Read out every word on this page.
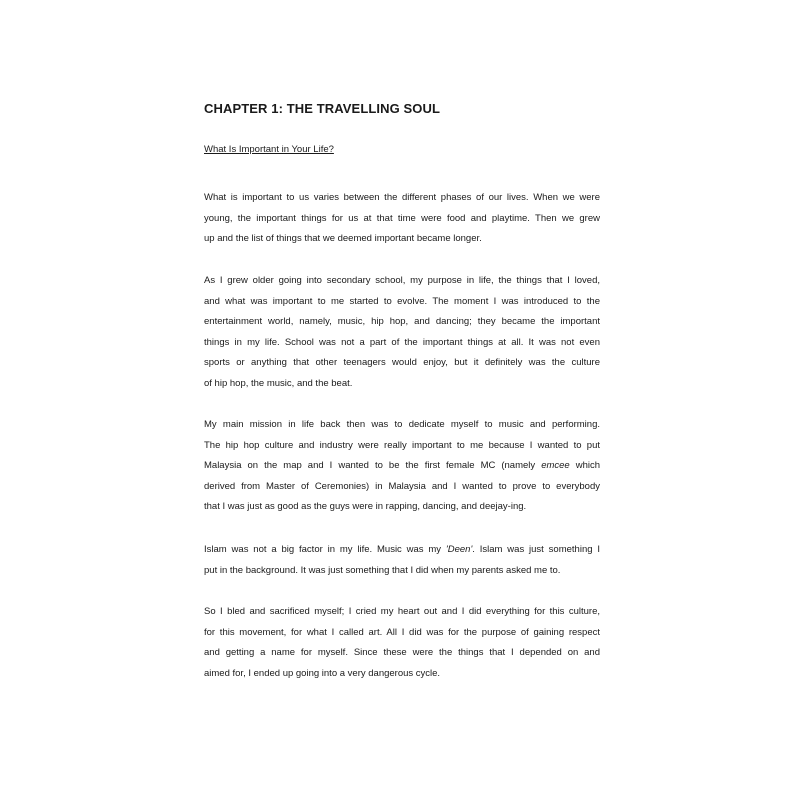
CHAPTER 1: THE TRAVELLING SOUL

What Is Important in Your Life?

What is important to us varies between the different phases of our lives. When we were
young, the important things for us at that time were food and playtime. Then we grew
up and the list of things that we deemed important became longer.
As I grew older going into secondary school, my purpose in life, the things that I loved,
and what was important to me started to evolve. The moment I was introduced to the
entertainment world, namely, music, hip hop, and dancing; they became the important
things in my life. School was not a part of the important things at all. It was not even
sports or anything that other teenagers would enjoy, but it definitely was the culture
of hip hop, the music, and the beat.
My main mission in life back then was to dedicate myself to music and performing.
The hip hop culture and industry were really important to me because I wanted to put
Malaysia on the map and I wanted to be the first female MC (namely emcee which
derived from Master of Ceremonies) in Malaysia and I wanted to prove to everybody
that I was just as good as the guys were in rapping, dancing, and deejay-ing.
Islam was not a big factor in my life. Music was my 'Deen'. Islam was just something I
put in the background. It was just something that I did when my parents asked me to.
So I bled and sacrificed myself; I cried my heart out and I did everything for this culture,
for this movement, for what I called art. All I did was for the purpose of gaining respect
and getting a name for myself. Since these were the things that I depended on and
aimed for, I ended up going into a very dangerous cycle.
